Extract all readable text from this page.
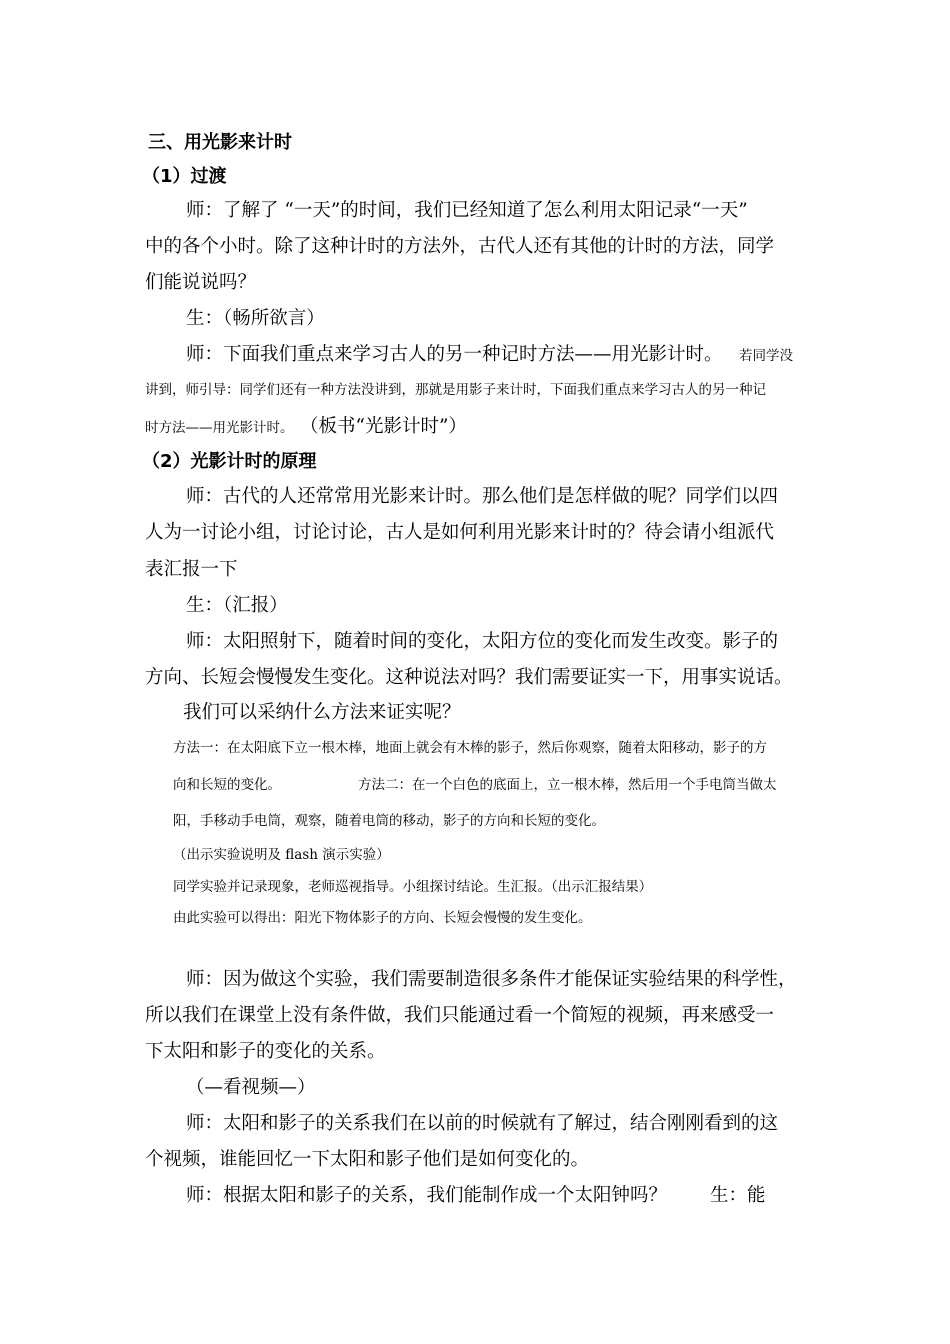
三、用光影来计时
（1）过渡
师：了解了 “一天”的时间，我们已经知道了怎么利用太阳记录“一天”
中的各个小时。除了这种计时的方法外，古代人还有其他的计时的方法，同学
们能说说吗？
生：（畅所欲言）
师：下面我们重点来学习古人的另一种记时方法——用光影计时。 若同学没
讲到，师引导：同学们还有一种方法没讲到，那就是用影子来计时，下面我们重点来学习古人的另一种记
时方法——用光影计时。 （板书“光影计时”）
（2）光影计时的原理
师：古代的人还常常用光影来计时。那么他们是怎样做的呢？同学们以四
人为一讨论小组，讨论讨论，古人是如何利用光影来计时的？待会请小组派代
表汇报一下
生：（汇报）
师：太阳照射下，随着时间的变化，太阳方位的变化而发生改变。影子的
方向、长短会慢慢发生变化。这种说法对吗？我们需要证实一下，用事实说话。
我们可以采纳什么方法来证实呢？
方法一：在太阳底下立一根木棒，地面上就会有木棒的影子，然后你观察，随着太阳移动，影子的方
向和长短的变化。	方法二：在一个白色的底面上，立一根木棒，然后用一个手电筒当做太
阳，手移动手电筒，观察，随着电筒的移动，影子的方向和长短的变化。
（出示实验说明及 flash 演示实验）
同学实验并记录现象，老师巡视指导。小组探讨结论。生汇报。（出示汇报结果）
由此实验可以得出：阳光下物体影子的方向、长短会慢慢的发生变化。
师：因为做这个实验，我们需要制造很多条件才能保证实验结果的科学性，
所以我们在课堂上没有条件做，我们只能通过看一个简短的视频，再来感受一
下太阳和影子的变化的关系。
（—看视频—）
师：太阳和影子的关系我们在以前的时候就有了解过，结合刚刚看到的这
个视频，谁能回忆一下太阳和影子他们是如何变化的。
师：根据太阳和影子的关系，我们能制作成一个太阳钟吗？ 生：能
